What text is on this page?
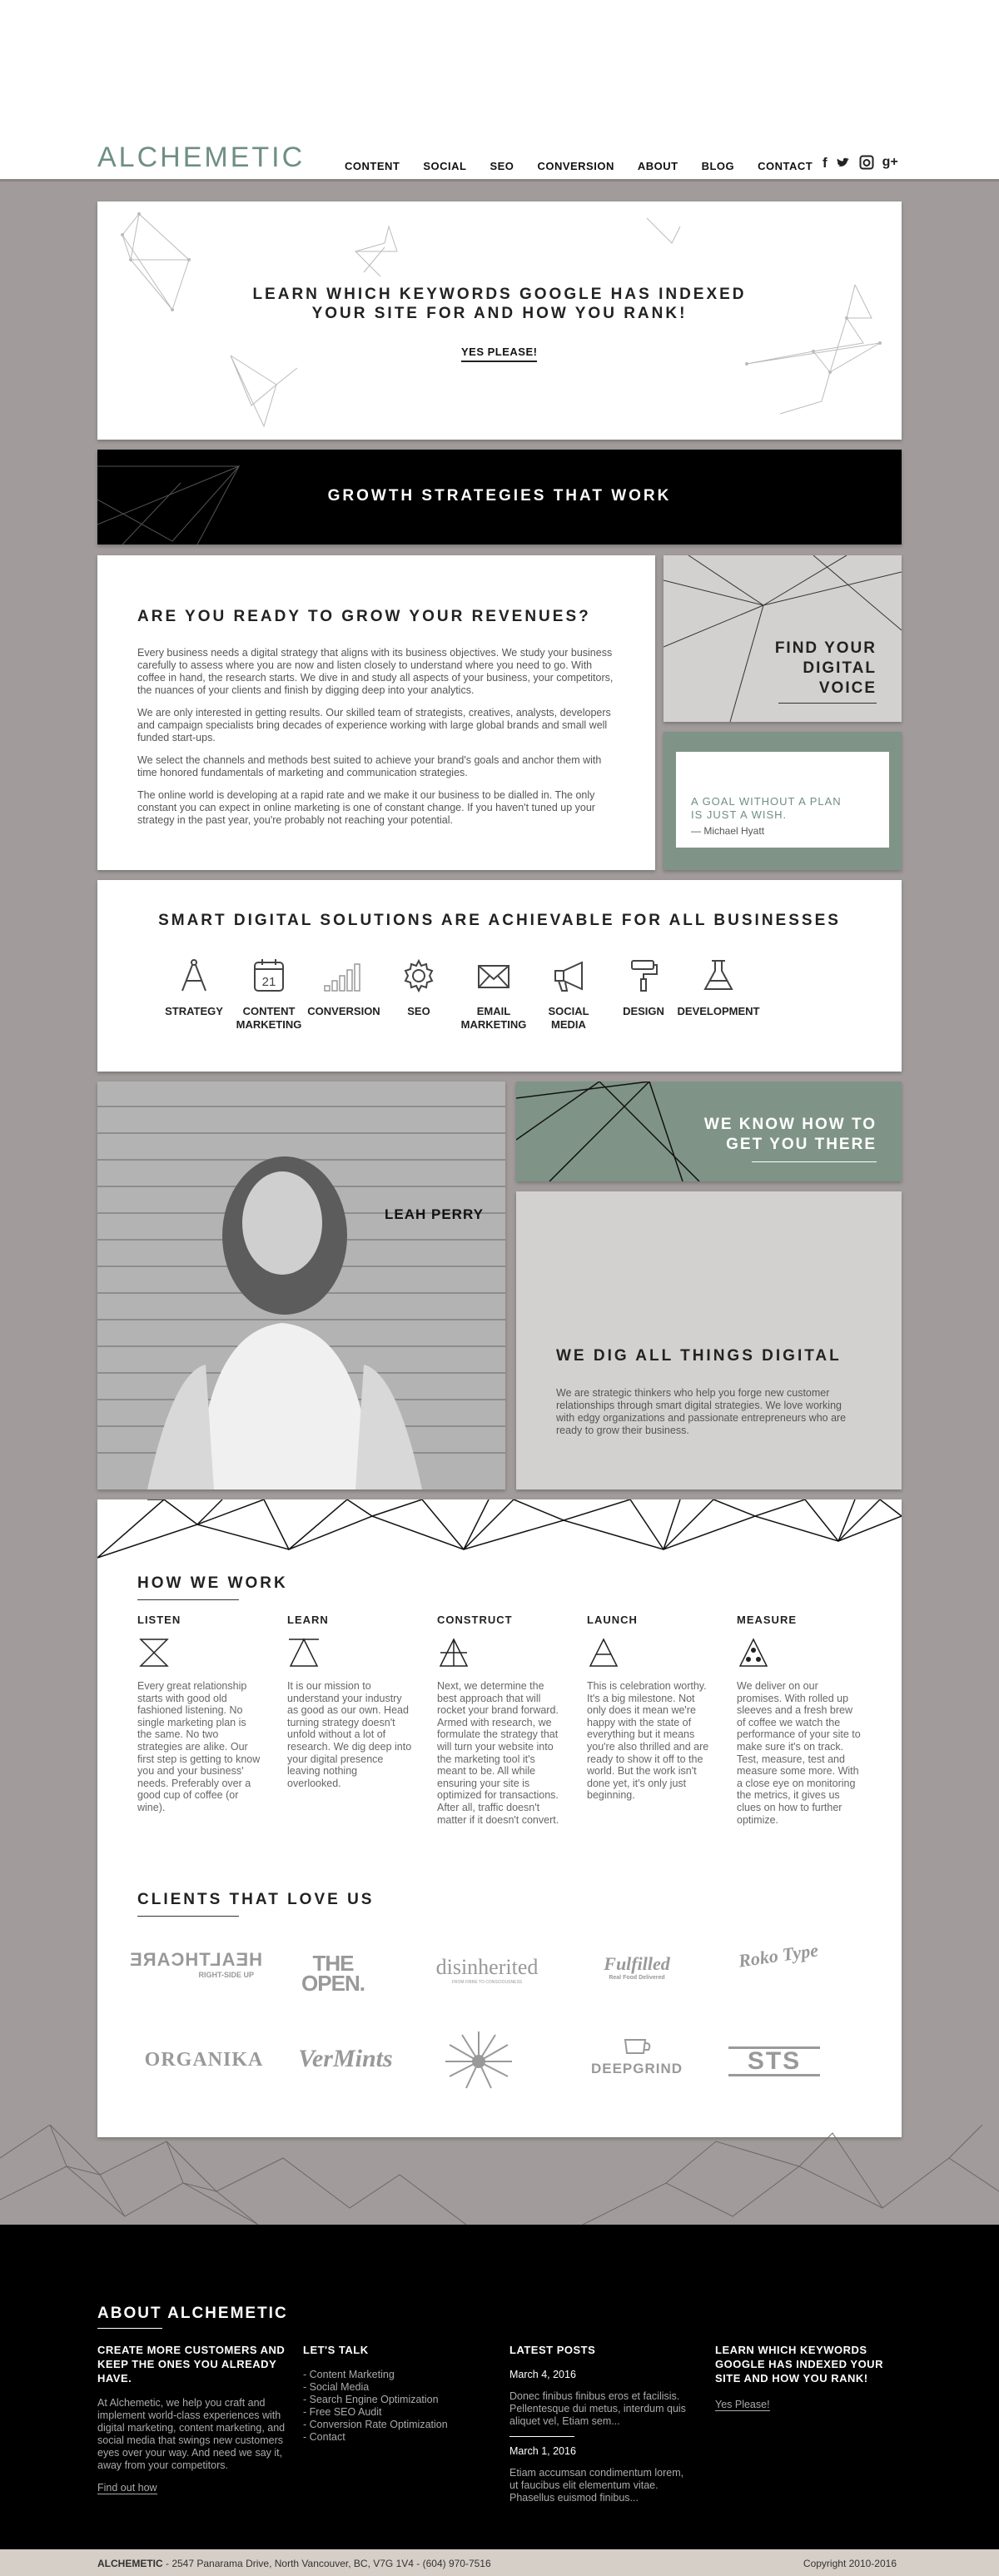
ALCHEMETIC	CONTENT SOCIAL SEO CONVERSION ABOUT BLOG CONTACT f	g+
LEARN WHICH KEYWORDS GOOGLE HAS INDEXED
YOUR SITE FOR AND HOW YOU RANK!
YES PLEASE!
GROWTH STRATEGIES THAT WORK
ARE YOU READY TO GROW YOUR REVENUES?

Every business needs a digital strategy that aligns with its business objectives. We study your business carefully to assess where you are now and listen closely to understand where you need to go. With coffee in hand, the research starts. We dive in and study all aspects of your business, your competitors, the nuances of your clients and finish by digging deep into your analytics.

We are only interested in getting results. Our skilled team of strategists, creatives, analysts, developers and campaign specialists bring decades of experience working with large global brands and small well funded start-ups.

We select the channels and methods best suited to achieve your brand's goals and anchor them with time honored fundamentals of marketing and communication strategies.

The online world is developing at a rapid rate and we make it our business to be dialled in. The only constant you can expect in online marketing is one of constant change. If you haven't tuned up your strategy in the past year, you're probably not reaching your potential.

FIND YOUR
DIGITAL
VOICE
A GOAL WITHOUT A PLAN
IS JUST A WISH.
— Michael Hyatt
SMART DIGITAL SOLUTIONS ARE ACHIEVABLE FOR ALL BUSINESSES
STRATEGY
21
CONTENT
MARKETING
CONVERSION	SEO	EMAIL
MARKETING
SOCIAL
MEDIA
DESIGN	DEVELOPMENT
LEAH PERRY
WE KNOW HOW TO
GET YOU THERE
WE DIG ALL THINGS DIGITAL

We are strategic thinkers who help you forge new customer relationships through smart digital strategies. We love working with edgy organizations and passionate entrepreneurs who are ready to grow their business.

HOW WE WORK
LISTEN

Every great relationship starts with good old fashioned listening. No single marketing plan is the same. No two strategies are alike. Our first step is getting to know you and your business' needs. Preferably over a good cup of coffee (or wine).

LEARN

It is our mission to understand your industry as good as our own. Head turning strategy doesn't unfold without a lot of research. We dig deep into your digital presence leaving nothing overlooked.

CONSTRUCT

Next, we determine the best approach that will rocket your brand forward. Armed with research, we formulate the strategy that will turn your website into the marketing tool it's meant to be. All while ensuring your site is optimized for transactions. After all, traffic doesn't matter if it doesn't convert.

LAUNCH

This is celebration worthy. It's a big milestone. Not only does it mean we're happy with the state of everything but it means you're also thrilled and are ready to show it off to the world. But the work isn't done yet, it's only just beginning.

MEASURE

We deliver on our promises. With rolled up sleeves and a fresh brew of coffee we watch the performance of your site to make sure it's on track. Test, measure, test and measure some more. With a close eye on monitoring the metrics, it gives us clues on how to further optimize.

CLIENTS THAT LOVE US
HEALTHCARE
RIGHT-SIDE UP	THE OPEN.
disinherited
FROM FIBRE TO CONSCIOUSNESS
Fulfilled
Real Food Delivered
Roko Type
ORGANIKA	VerMints	DEEPGRIND	STS
ABOUT ALCHEMETIC
CREATE MORE CUSTOMERS AND KEEP THE ONES YOU ALREADY HAVE.

At Alchemetic, we help you craft and implement world-class experiences with digital marketing, content marketing, and social media that swings new customers eyes over your way. And need we say it, away from your competitors.

Find out how
LET'S TALK
- Content Marketing
- Social Media
- Search Engine Optimization
- Free SEO Audit
- Conversion Rate Optimization
- Contact
LATEST POSTS
March 4, 2016

Donec finibus finibus eros et facilisis. Pellentesque dui metus, interdum quis aliquet vel, Etiam sem...

March 1, 2016

Etiam accumsan condimentum lorem, ut faucibus elit elementum vitae. Phasellus euismod finibus...

LEARN WHICH KEYWORDS GOOGLE HAS INDEXED YOUR SITE AND HOW YOU RANK!
Yes Please!
ALCHEMETIC - 2547 Panarama Drive, North Vancouver, BC, V7G 1V4 - (604) 970-7516	Copyright 2010-2016
